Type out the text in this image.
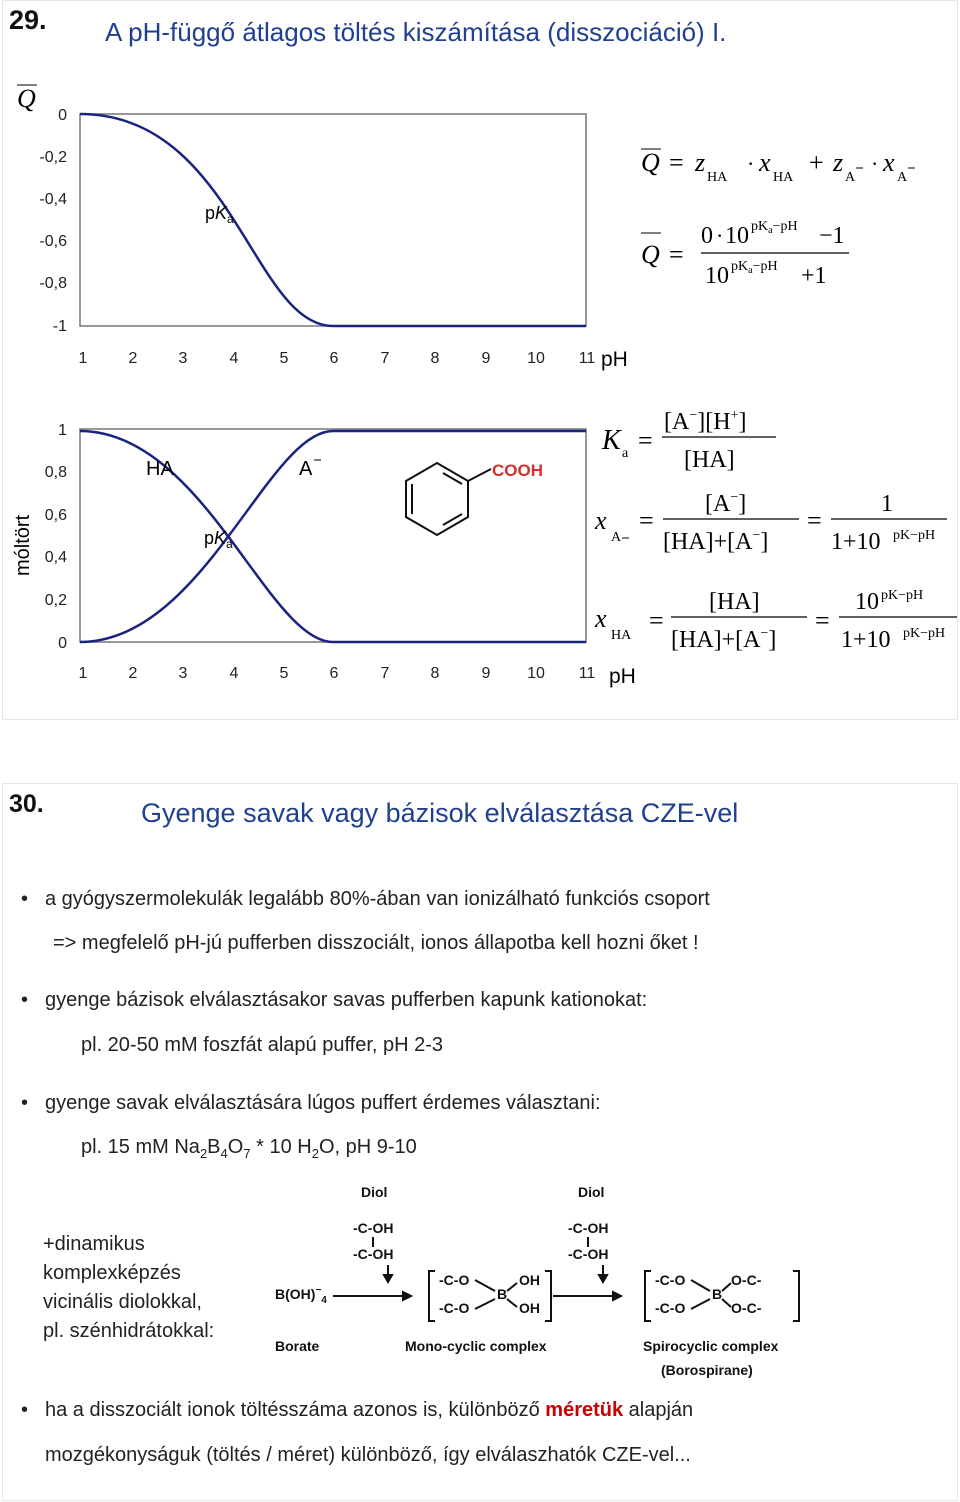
29. A pH-függő átlagos töltés kiszámítása (disszociáció) I.
Q
0
-0,2
-0,4
-0,6
-0,8
-1
$pK_a$
1	2	3	4	5	6	7	8	9 10 11 pH
Q = z
HA
· x
HA
+ z
A
· x
A
Q =
0 · 10 $pK_a-pH -1$
10 $pK_a-pH +1$
móltört
1
0,8
0,6
0,4
0,2
0
HA	A
$pK_a$
COOH
1	2	3	4	5	6	7	8	9 10 11 pH
K a =
[A−][H+]
[HA]
x
A
=
[A−]
[HA]+[A−]
=
1
1+10 pK−pH
x
HA
=
[HA]
[HA]+[A−]
=
10 pK−pH
1+10 pK−pH
30.	Gyenge savak vagy bázisok elválasztása CZE-vel
• a gyógyszermolekulák legalább 80%-ában van ionizálható funkciós csoport
=> megfelelő pH-jú pufferben disszociált, ionos állapotba kell hozni őket !
• gyenge bázisok elválasztásakor savas pufferben kapunk kationokat:
pl. 20-50 mM foszfát alapú puffer, pH 2-3
• gyenge savak elválasztására lúgos puffert érdemes választani:
pl. 15 mM $Na_2B_4O_7 * 10$ $H_2O$, pH 9-10
+dinamikus
komplexképzés
vicinális diolokkal,
pl. szénhidrátokkal:
Diol	Diol
-C-OH
-C-OH
-C-OH
-C-OH
$B(OH)^-_4$
Borate
-C-O
-C-O
B
OH
OH
Mono-cyclic complex
-C-O
-C-O
B
O-C-
O-C-
Spirocyclic complex
(Borospirane)
• ha a disszociált ionok töltésszáma azonos is, különböző méretük alapján
mozgékonyságuk (töltés / méret) különböző, így elválaszhatók CZE-vel...
